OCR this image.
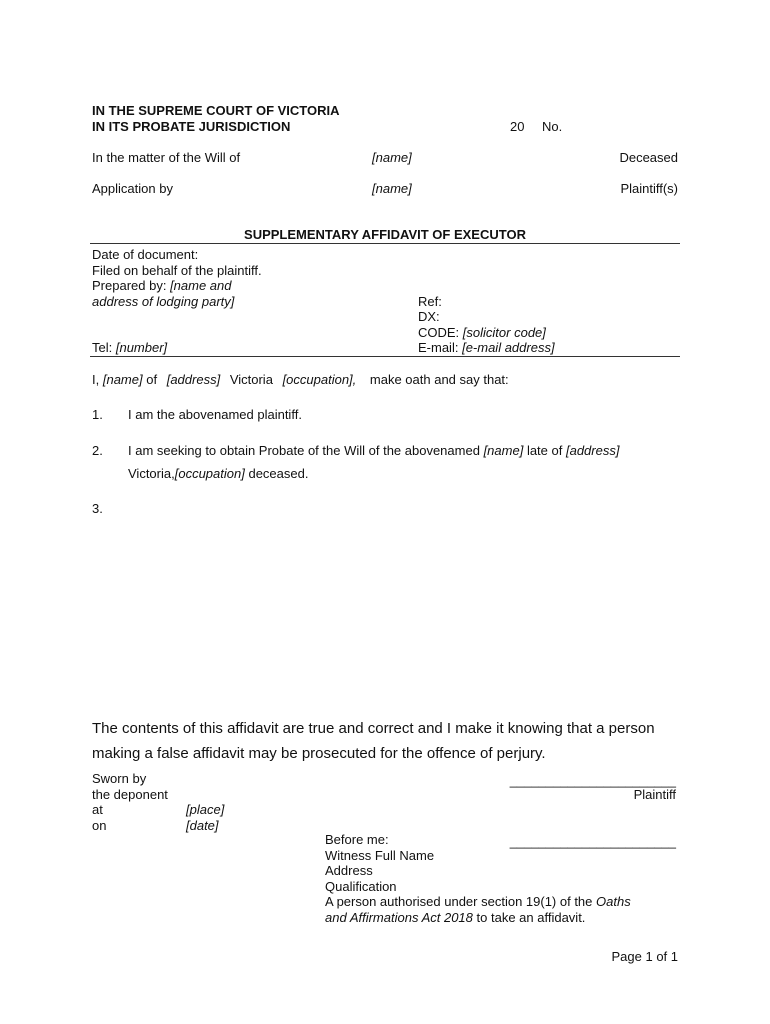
IN THE SUPREME COURT OF VICTORIA
IN ITS PROBATE JURISDICTION	20 No.
In the matter of the Will of	[name]	Deceased
Application by	[name]	Plaintiff(s)
SUPPLEMENTARY AFFIDAVIT OF EXECUTOR
Date of document:
Filed on behalf of the plaintiff.
Prepared by: [name and
address of lodging party]
Tel: [number]
Ref:
DX:
CODE: [solicitor code]
E-mail: [e-mail address]
I, [name] of [address] Victoria [occupation], make oath and say that:
1. I am the abovenamed plaintiff.
2. I am seeking to obtain Probate of the Will of the abovenamed [name] late of [address]
Victoria,[occupation] deceased.
3.
The contents of this affidavit are true and correct and I make it knowing that a person
making a false affidavit may be prosecuted for the offence of perjury.
Sworn by
the deponent
at	[place]
on	[date]
_______________________
Plaintiff
Before me:	_______________________
Witness Full Name
Address
Qualification
A person authorised under section 19(1) of the Oaths
and Affirmations Act 2018 to take an affidavit.
Page 1 of 1
